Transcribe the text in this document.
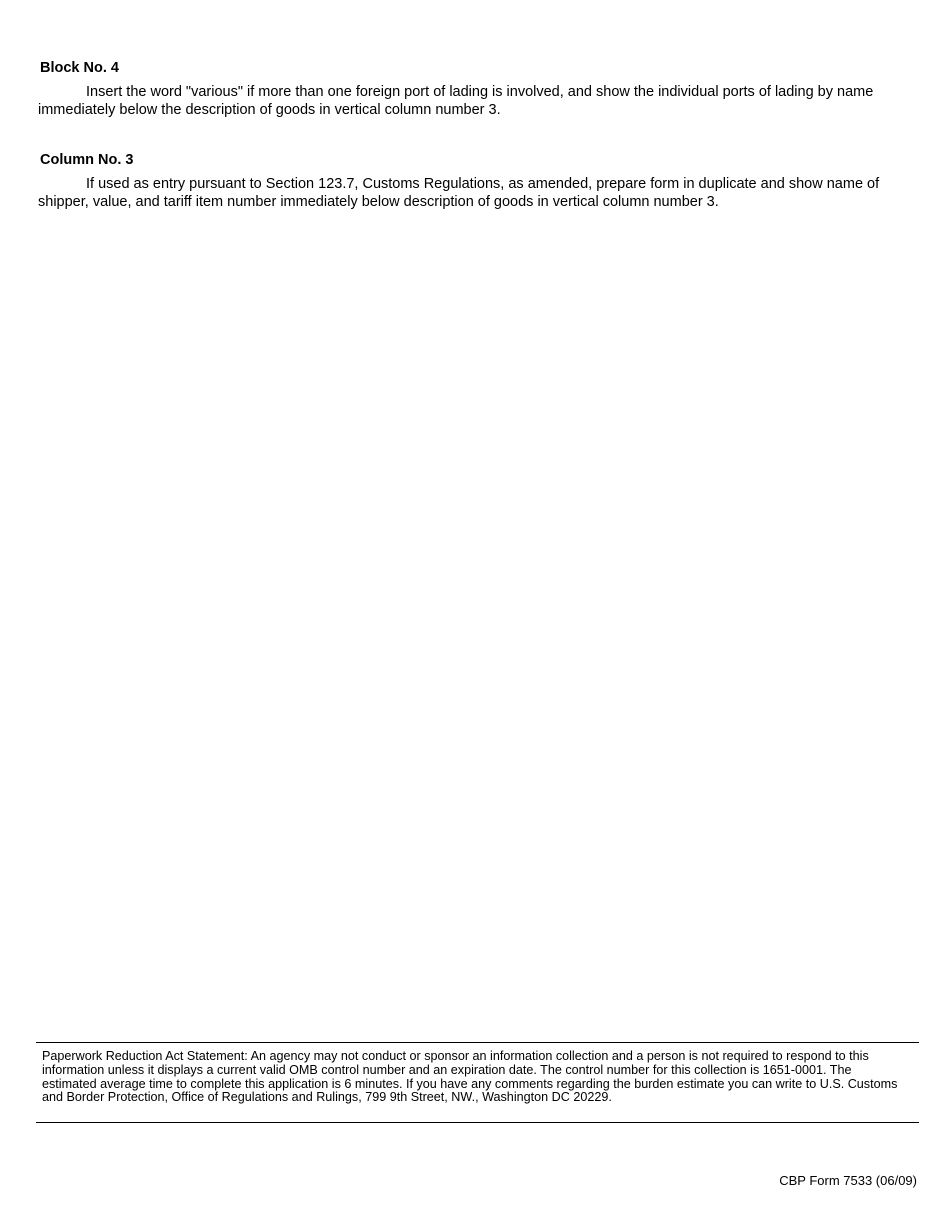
Block No. 4

Insert the word "various" if more than one foreign port of lading is involved, and show the individual ports of lading by name immediately below the description of goods in vertical column number 3.

Column No. 3

If used as entry pursuant to Section 123.7, Customs Regulations, as amended, prepare form in duplicate and show name of shipper, value, and tariff item number immediately below description of goods in vertical column number 3.

Paperwork Reduction Act Statement: An agency may not conduct or sponsor an information collection and a person is not required to respond to this information unless it displays a current valid OMB control number and an expiration date. The control number for this collection is 1651-0001. The estimated average time to complete this application is 6 minutes. If you have any comments regarding the burden estimate you can write to U.S. Customs and Border Protection, Office of Regulations and Rulings, 799 9th Street, NW., Washington DC 20229.

CBP Form 7533 (06/09)
